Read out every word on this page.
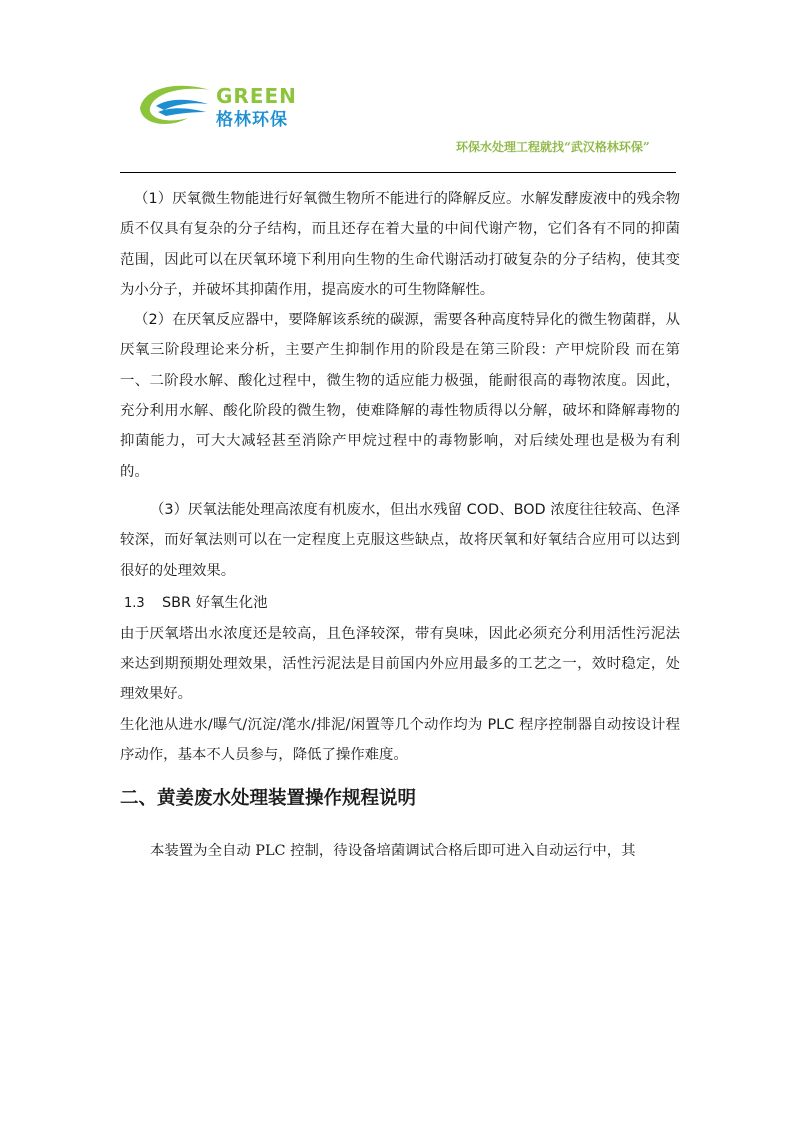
GREEN
格林环保
环保水处理工程就找“武汉格林环保”

（1）厌氧微生物能进行好氧微生物所不能进行的降解反应。水解发酵废液中的残余物质不仅具有复杂的分子结构，而且还存在着大量的中间代谢产物，它们各有不同的抑菌范围，因此可以在厌氧环境下利用向生物的生命代谢活动打破复杂的分子结构，使其变为小分子，并破坏其抑菌作用，提高废水的可生物降解性。

（2）在厌氧反应器中，要降解该系统的碳源，需要各种高度特异化的微生物菌群，从厌氧三阶段理论来分析，主要产生抑制作用的阶段是在第三阶段：产甲烷阶段 而在第一、二阶段水解、酸化过程中，微生物的适应能力极强，能耐很高的毒物浓度。因此，充分利用水解、酸化阶段的微生物，使难降解的毒性物质得以分解，破坏和降解毒物的抑菌能力，可大大减轻甚至消除产甲烷过程中的毒物影响，对后续处理也是极为有利的。

（3）厌氧法能处理高浓度有机废水，但出水残留 COD、BOD 浓度往往较高、色泽较深，而好氧法则可以在一定程度上克服这些缺点，故将厌氧和好氧结合应用可以达到很好的处理效果。

1.3 SBR 好氧生化池

由于厌氧塔出水浓度还是较高，且色泽较深，带有臭味，因此必须充分利用活性污泥法来达到期预期处理效果，活性污泥法是目前国内外应用最多的工艺之一，效时稳定，处理效果好。

生化池从进水/曝气/沉淀/滗水/排泥/闲置等几个动作均为 PLC 程序控制器自动按设计程序动作，基本不人员参与，降低了操作难度。

二、黄姜废水处理装置操作规程说明

本装置为全自动 PLC 控制，待设备培菌调试合格后即可进入自动运行中，其
